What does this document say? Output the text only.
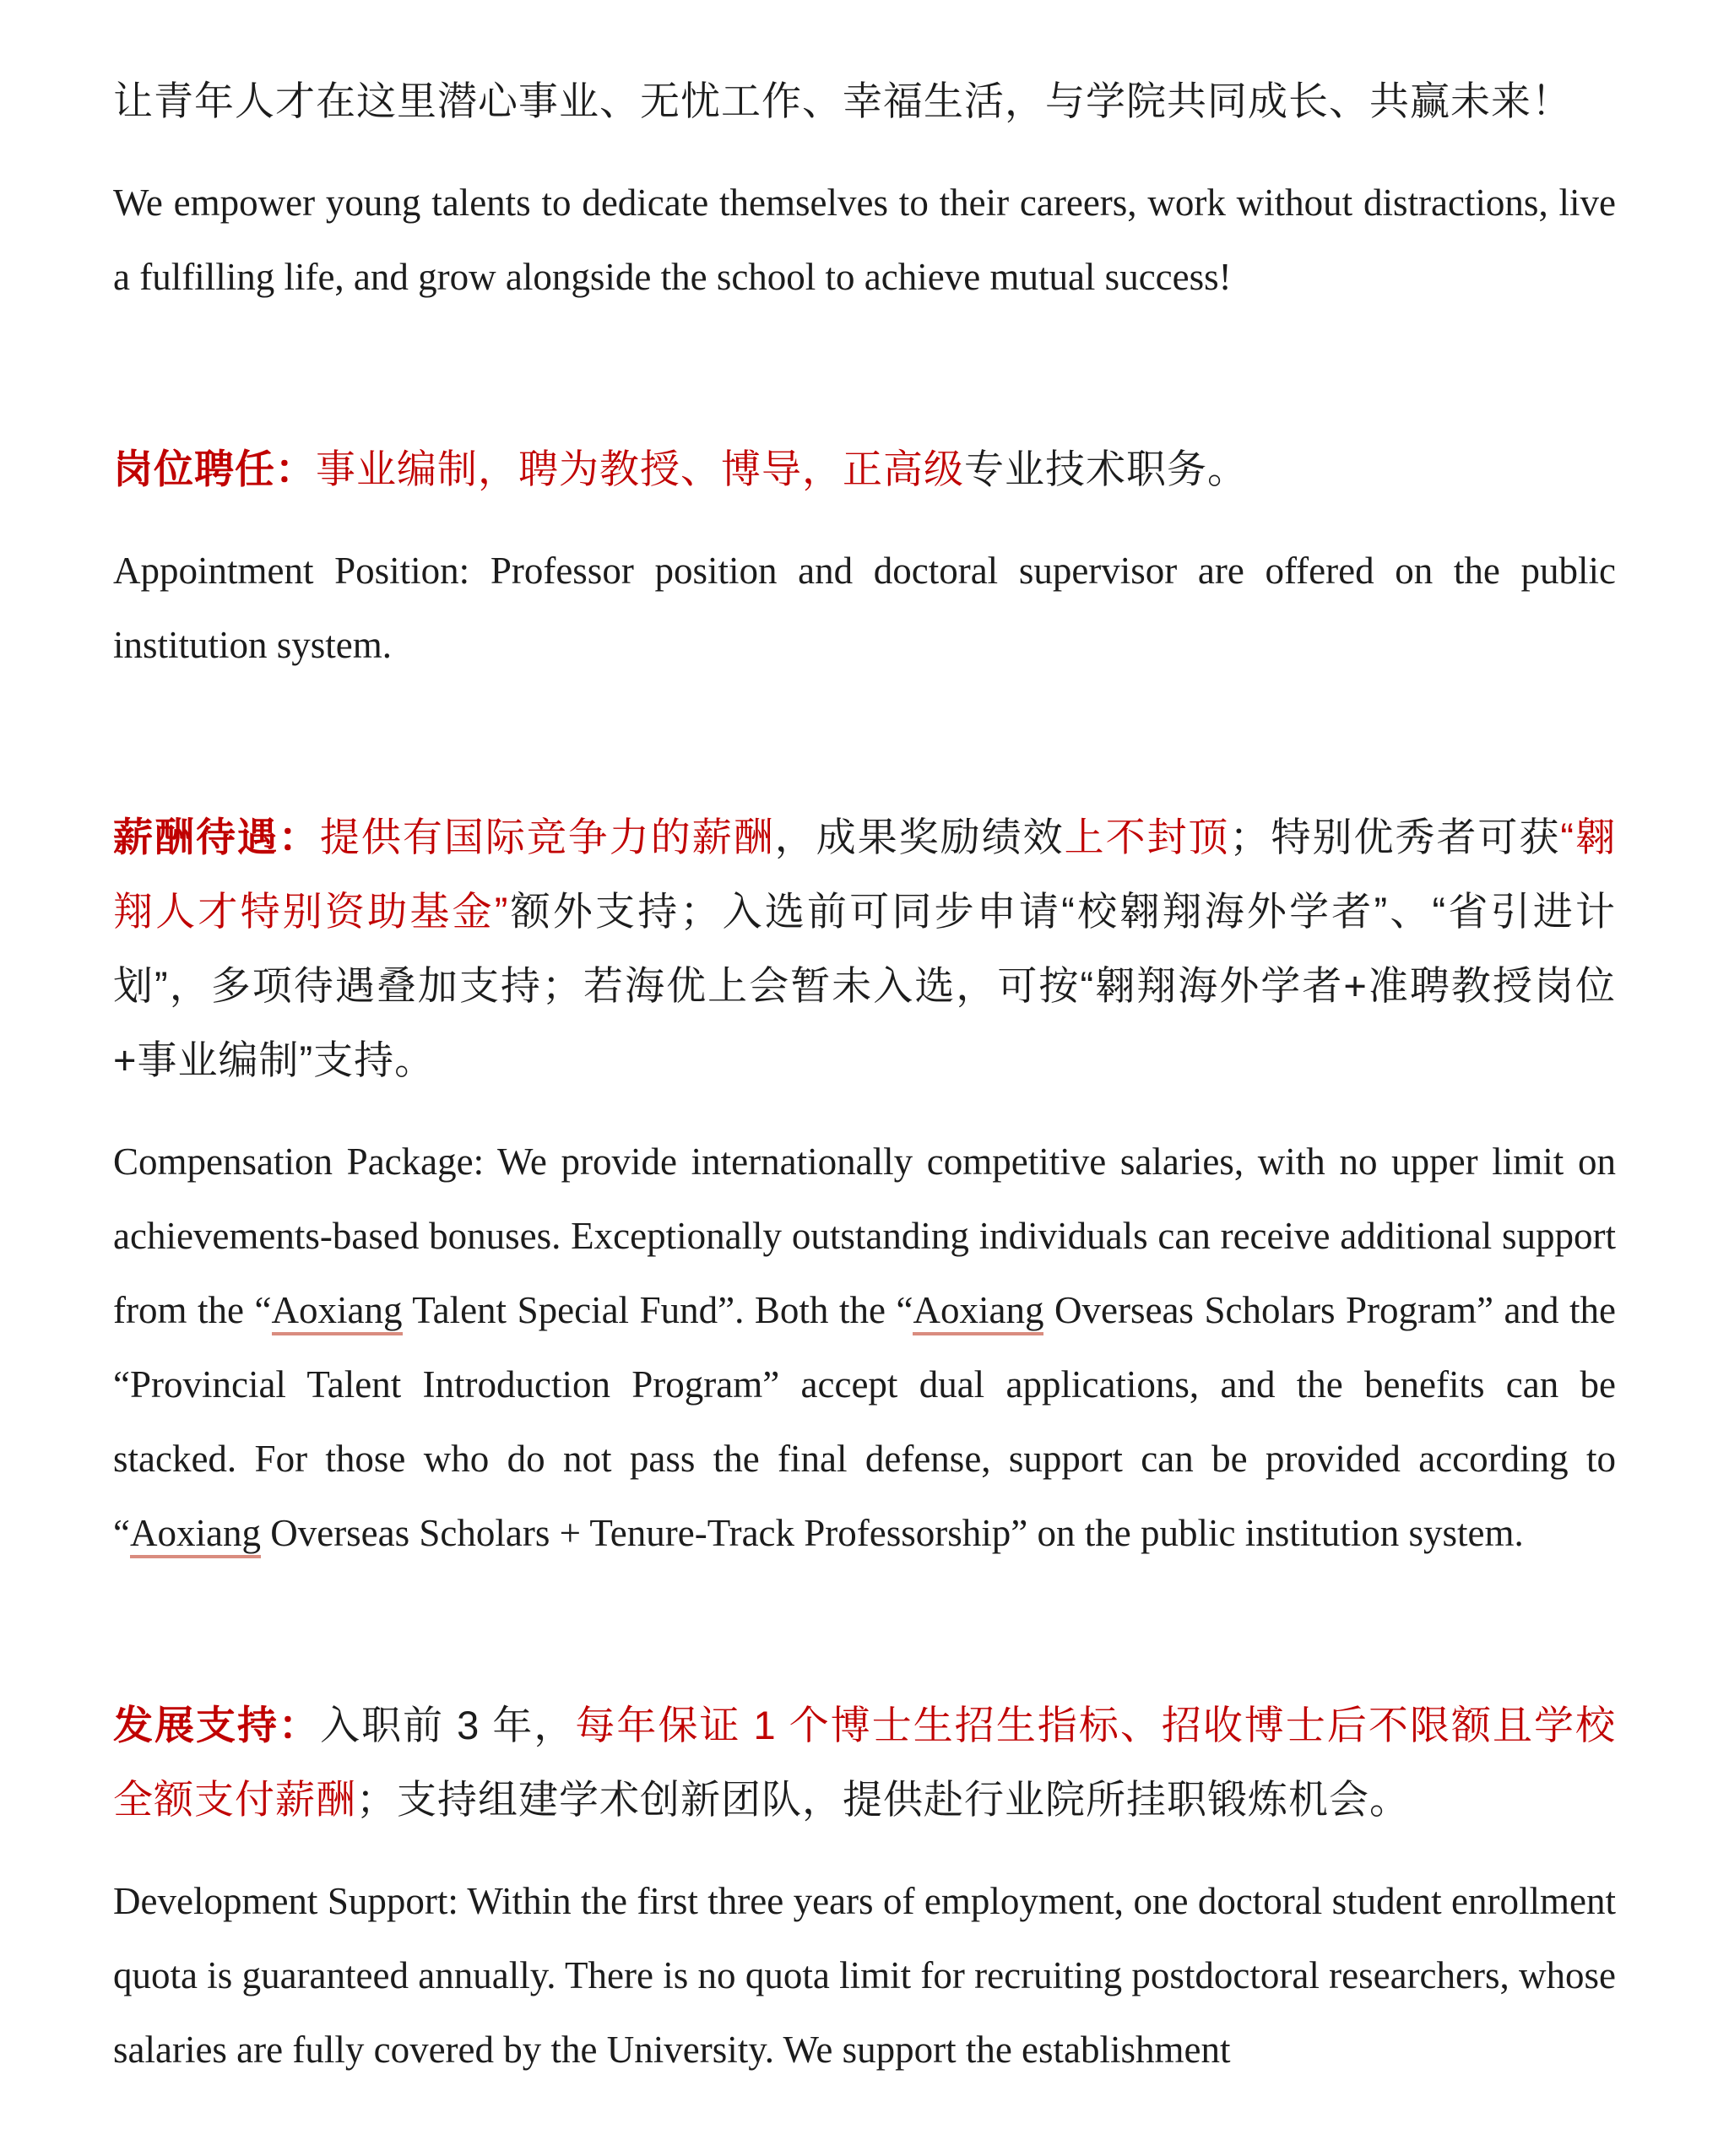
让青年人才在这里潜心事业、无忧工作、幸福生活，与学院共同成长、共赢未来！

We empower young talents to dedicate themselves to their careers, work without distractions, live a fulfilling life, and grow alongside the school to achieve mutual success!

岗位聘任：事业编制，聘为教授、博导，正高级专业技术职务。

Appointment Position: Professor position and doctoral supervisor are offered on the public institution system.

薪酬待遇：提供有国际竞争力的薪酬，成果奖励绩效上不封顶；特别优秀者可获“翱翔人才特别资助基金”额外支持；入选前可同步申请“校翱翔海外学者”、“省引进计划”，多项待遇叠加支持；若海优上会暂未入选，可按“翱翔海外学者+准聘教授岗位+事业编制”支持。

Compensation Package: We provide internationally competitive salaries, with no upper limit on achievements-based bonuses. Exceptionally outstanding individuals can receive additional support from the “Aoxiang Talent Special Fund”. Both the “Aoxiang Overseas Scholars Program” and the “Provincial Talent Introduction Program” accept dual applications, and the benefits can be stacked. For those who do not pass the final defense, support can be provided according to “Aoxiang Overseas Scholars + Tenure-Track Professorship” on the public institution system.

发展支持：入职前 3 年，每年保证 1 个博士生招生指标、招收博士后不限额且学校全额支付薪酬；支持组建学术创新团队，提供赴行业院所挂职锻炼机会。

Development Support: Within the first three years of employment, one doctoral student enrollment quota is guaranteed annually. There is no quota limit for recruiting postdoctoral researchers, whose salaries are fully covered by the University. We support the establishment
